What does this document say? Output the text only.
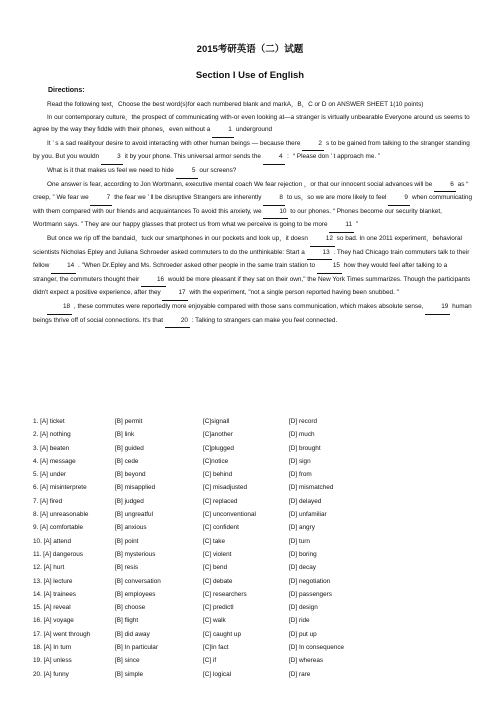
2015考研英语（二）试题
Section I Use of English
Directions:

Read the following text，Choose the best word(s)for each numbered blank and markA，B，C or D on ANSWER SHEET 1(10 points)

In our contemporary culture，the prospect of communicating with-or even looking at—a stranger is virtually unbearable Everyone around us seems to agree by the way they fiddle with their phones，even without a	1 underground

It ’ s a sad realityour desire to avoid interacting with other human beings — because there	2 s to be gained from talking to the stranger standing by you. But you wouldn	3 it by your phone. This universal armor sends the	4 ：“ Please don ’ t approach me. ”

What is it that makes us feel we need to hide	5 our screens?

One answer is fear, according to Jon Wortmann, executive mental coach We fear rejection ，or that our innocent social advances will be	6 as “ creep, ” We fear we	7 the fear we ’ ll be disruptive Strangers are inherently	8 to us，so we are more likely to feel	9 when communicating with them compared with our friends and acquaintances To avoid this anxiety, we	10 to our phones. “ Phones become our security blanket, Wortmann says. ” They are our happy glasses that protect us from what we perceive is going to be more	11 ”

But once we rip off the bandaid，tuck our smartphones in our pockets and look up，it doesn	12 so bad. In one 2011 experiment，behavioral scientists Nicholas Epley and Juliana Schroeder asked commuters to do the unthinkable: Start a	13 . They had Chicago train commuters talk to their fellow	14 . "When Dr.Epley and Ms. Schroeder asked other people in the same train station to	15 how they would feel after talking to a stranger, the commuters thought their	16 would be more pleasant if they sat on their own," the New York Times summarizes. Though the participants didn't expect a positive experience, after they	17 with the experiment, "not a single person reported having been snubbed. "

18 , these commutes were reportedly more enjoyable compared with those sans communication, which makes absolute sense,	19 human beings thrive off of social connections. It's that	20 : Talking to strangers can make you feel connected.

1. [A] ticket	[B] permit	[C]signall	[D] record
2. [A] nothing	[B] link	[C]another	[D] much
3. [A] beaten	[B] guided	[C]plugged	[D] brought
4. [A] message	[B] cede	[C]notice	[D] sign
5. [A] under	[B] beyond	[C] behind	[D] from
6. [A] misinterprete	[B] misapplied	[C] misadjusted	[D] mismatched
7. [A] fired	[B] judged	[C] replaced	[D] delayed
8. [A] unreasonable	[B] ungreatful	[C] unconventional	[D] unfamiliar
9. [A] comfortable	[B] anxious	[C] confident	[D] angry
10. [A] attend	[B] point	[C] take	[D] turn
11. [A] dangerous	[B] mysterious	[C] violent	[D] boring
12. [A] hurt	[B] resis	[C] bend	[D] decay
13. [A] lecture	[B] conversation	[C] debate	[D] negotiation
14. [A] trainees	[B] employees	[C] researchers	[D] passengers
15. [A] reveal	[B] choose	[C] predictl	[D] design
16. [A] voyage	[B] flight	[C] walk	[D] ride
17. [A] went through	[B] did away	[C] caught up	[D] put up
18. [A] In turn	[B] In particular	[C]In fact	[D] In consequence
19. [A] unless	[B] since	[C] if	[D] whereas
20. [A] funny	[B] simple	[C] logical	[D] rare
